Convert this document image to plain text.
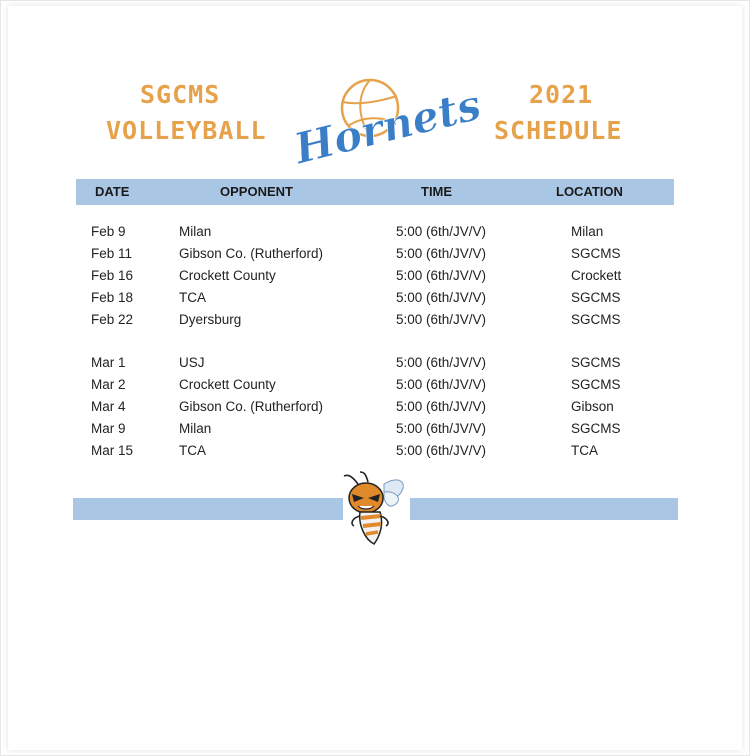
SGCMS
VOLLEYBALL
2021
SCHEDULE
Hornets
DATE	OPPONENT	TIME	LOCATION
Feb 9	Milan	5:00 (6th/JV/V)	Milan
Feb 11	Gibson Co. (Rutherford)	5:00 (6th/JV/V)	SGCMS
Feb 16	Crockett County	5:00 (6th/JV/V)	Crockett
Feb 18	TCA	5:00 (6th/JV/V)	SGCMS
Feb 22	Dyersburg	5:00 (6th/JV/V)	SGCMS
Mar 1	USJ	5:00 (6th/JV/V)	SGCMS
Mar 2	Crockett County	5:00 (6th/JV/V)	SGCMS
Mar 4	Gibson Co. (Rutherford)	5:00 (6th/JV/V)	Gibson
Mar 9	Milan	5:00 (6th/JV/V)	SGCMS
Mar 15	TCA	5:00 (6th/JV/V)	TCA
